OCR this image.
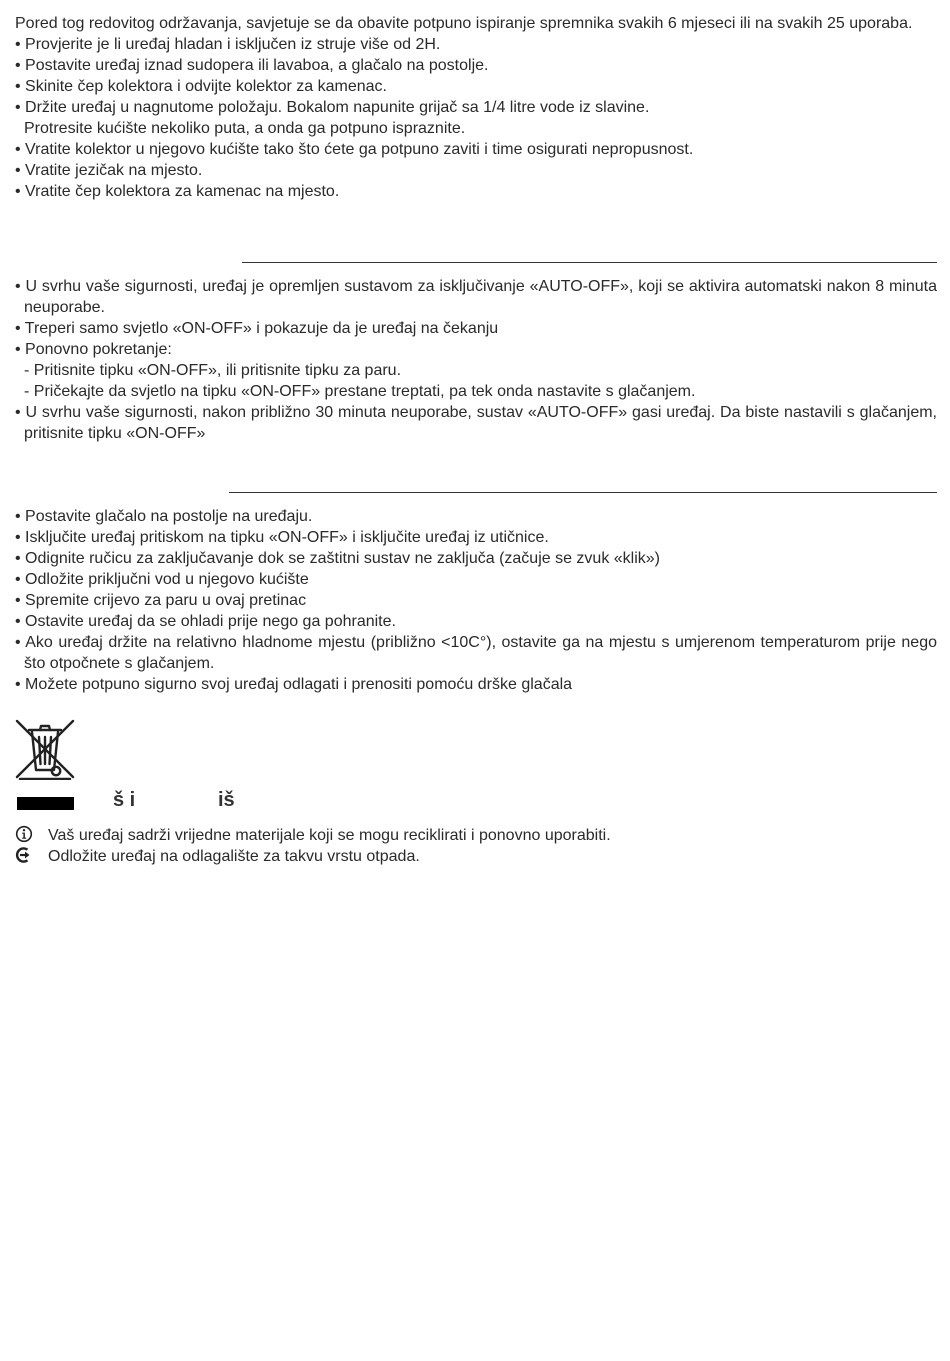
Pored tog redovitog održavanja, savjetuje se da obavite potpuno ispiranje spremnika svakih 6 mjeseci ili na svakih 25 uporaba.
• Provjerite je li uređaj hladan i isključen iz struje više od 2H.
• Postavite uređaj iznad sudopera ili lavaboa, a glačalo na postolje.
• Skinite čep kolektora i odvijte kolektor za kamenac.
• Držite uređaj u nagnutome položaju. Bokalom napunite grijač sa 1/4 litre vode iz slavine.
Protresite kućište nekoliko puta, a onda ga potpuno ispraznite.
• Vratite kolektor u njegovo kućište tako što ćete ga potpuno zaviti i time osigurati nepropusnost.
• Vratite jezičak na mjesto.
• Vratite čep kolektora za kamenac na mjesto.
• U svrhu vaše sigurnosti, uređaj je opremljen sustavom za isključivanje «AUTO-OFF», koji se aktivira automatski nakon 8 minuta neuporabe.
• Treperi samo svjetlo «ON-OFF» i pokazuje da je uređaj na čekanju
• Ponovno pokretanje:
- Pritisnite tipku «ON-OFF», ili pritisnite tipku za paru.
- Pričekajte da svjetlo na tipku «ON-OFF» prestane treptati, pa tek onda nastavite s glačanjem.
• U svrhu vaše sigurnosti, nakon približno 30 minuta neuporabe, sustav «AUTO-OFF» gasi uređaj. Da biste nastavili s glačanjem, pritisnite tipku «ON-OFF»
• Postavite glačalo na postolje na uređaju.
• Isključite uređaj pritiskom na tipku «ON-OFF» i isključite uređaj iz utičnice.
• Odignite ručicu za zaključavanje dok se zaštitni sustav ne zaključa (začuje se zvuk «klik»)
• Odložite priključni vod u njegovo kućište
• Spremite crijevo za paru u ovaj pretinac
• Ostavite uređaj da se ohladi prije nego ga pohranite.
• Ako uređaj držite na relativno hladnome mjestu (približno <10C°), ostavite ga na mjestu s umjerenom temperaturom prije nego što otpočnete s glačanjem.
• Možete potpuno sigurno svoj uređaj odlagati i prenositi pomoću drške glačala
š i	iš
Vaš uređaj sadrži vrijedne materijale koji se mogu reciklirati i ponovno uporabiti.
Odložite uređaj na odlagalište za takvu vrstu otpada.
